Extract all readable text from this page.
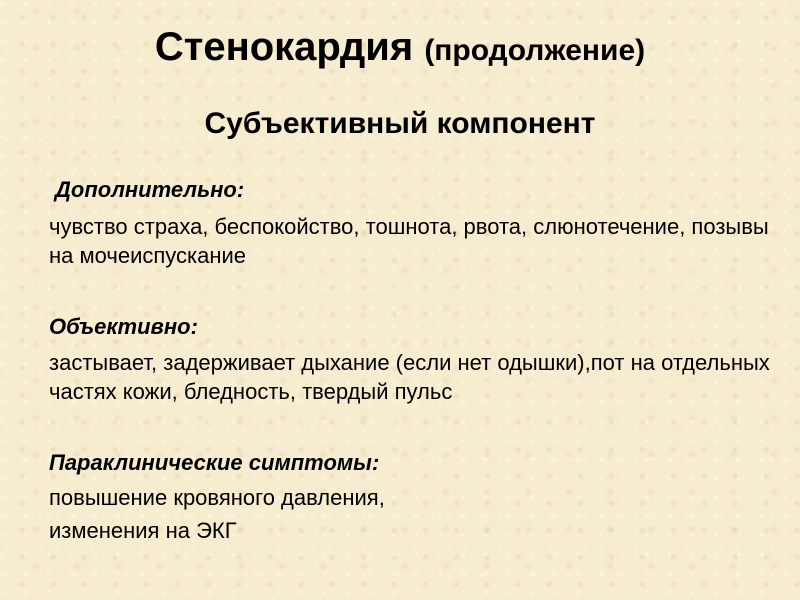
Стенокардия (продолжение)
Субъективный компонент
Дополнительно:
чувство страха, беспокойство, тошнота, рвота, слюнотечение, позывы на мочеиспускание
Объективно:
застывает, задерживает дыхание (если нет одышки),пот на отдельных частях кожи, бледность, твердый пульс
Параклинические симптомы:
повышение кровяного давления,
изменения на ЭКГ
